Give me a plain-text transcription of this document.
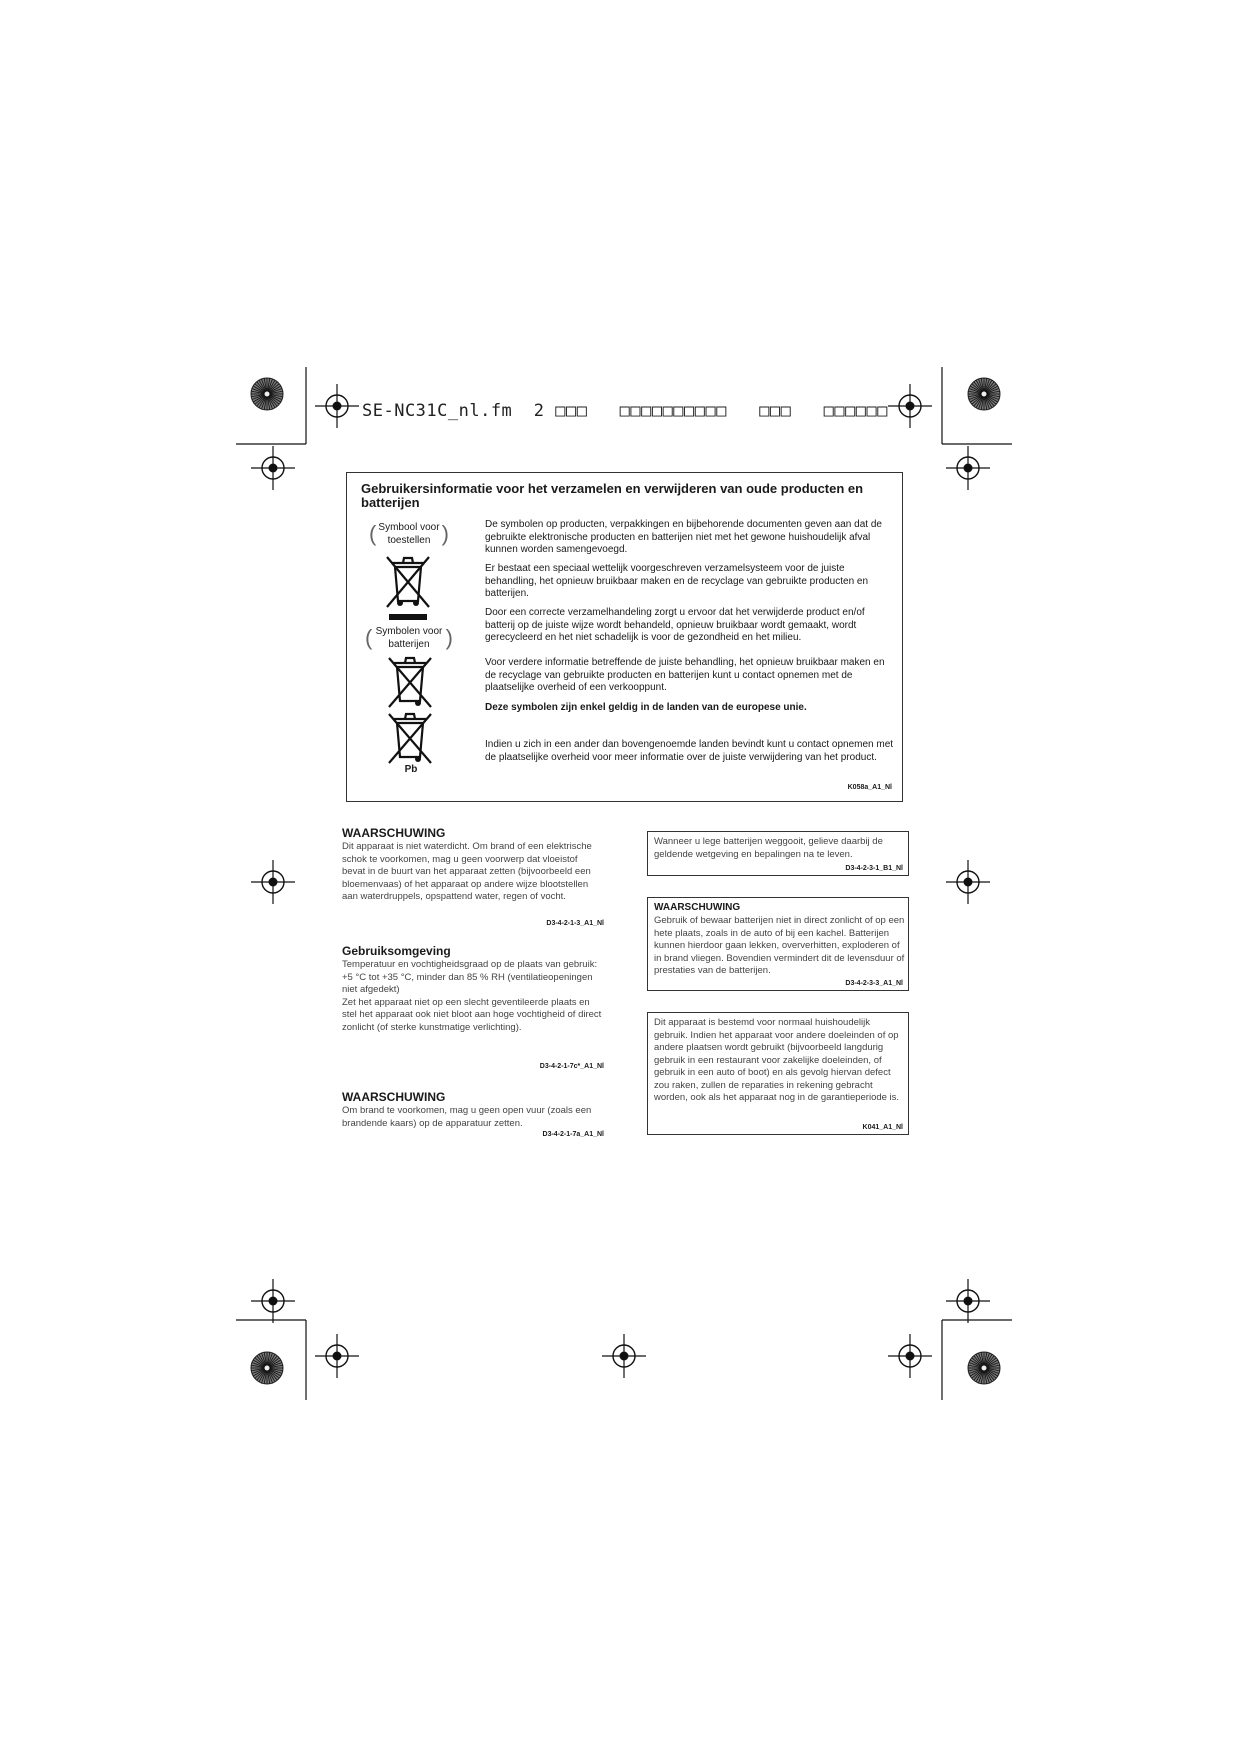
SE-NC31C_nl.fm  2 □□□   □□□□□□□□□□   □□□   □□□□□□
Gebruikersinformatie voor het verzamelen en verwijderen van oude producten en batterijen
( Symbool voor toestellen )
( Symbolen voor batterijen )
Pb
De symbolen op producten, verpakkingen en bijbehorende documenten geven aan dat de gebruikte elektronische producten en batterijen niet met het gewone huishoudelijk afval kunnen worden samengevoegd.
Er bestaat een speciaal wettelijk voorgeschreven verzamelsysteem voor de juiste behandling, het opnieuw bruikbaar maken en de recyclage van gebruikte producten en batterijen.
Door een correcte verzamelhandeling zorgt u ervoor dat het verwijderde product en/of batterij op de juiste wijze wordt behandeld, opnieuw bruikbaar wordt gemaakt, wordt gerecycleerd en het niet schadelijk is voor de gezondheid en het milieu.
Voor verdere informatie betreffende de juiste behandling, het opnieuw bruikbaar maken en de recyclage van gebruikte producten en batterijen kunt u contact opnemen met de plaatselijke overheid of een verkooppunt.
Deze symbolen zijn enkel geldig in de landen van de europese unie.
Indien u zich in een ander dan bovengenoemde landen bevindt kunt u contact opnemen met de plaatselijke overheid voor meer informatie over de juiste verwijdering van het product.
K058a_A1_Nl
WAARSCHUWING
Dit apparaat is niet waterdicht. Om brand of een elektrische schok te voorkomen, mag u geen voorwerp dat vloeistof bevat in de buurt van het apparaat zetten (bijvoorbeeld een bloemenvaas) of het apparaat op andere wijze blootstellen aan waterdruppels, opspattend water, regen of vocht.
D3-4-2-1-3_A1_Nl
Gebruiksomgeving
Temperatuur en vochtigheidsgraad op de plaats van gebruik:
+5 °C tot +35 °C, minder dan 85 % RH (ventilatieopeningen niet afgedekt)
Zet het apparaat niet op een slecht geventileerde plaats en stel het apparaat ook niet bloot aan hoge vochtigheid of direct zonlicht (of sterke kunstmatige verlichting).
D3-4-2-1-7c*_A1_Nl
WAARSCHUWING
Om brand te voorkomen, mag u geen open vuur (zoals een brandende kaars) op de apparatuur zetten.
D3-4-2-1-7a_A1_Nl
Wanneer u lege batterijen weggooit, gelieve daarbij de geldende wetgeving en bepalingen na te leven.
D3-4-2-3-1_B1_Nl
WAARSCHUWING
Gebruik of bewaar batterijen niet in direct zonlicht of op een hete plaats, zoals in de auto of bij een kachel. Batterijen kunnen hierdoor gaan lekken, oververhitten, exploderen of in brand vliegen. Bovendien vermindert dit de levensduur of prestaties van de batterijen.
D3-4-2-3-3_A1_Nl
Dit apparaat is bestemd voor normaal huishoudelijk gebruik. Indien het apparaat voor andere doeleinden of op andere plaatsen wordt gebruikt (bijvoorbeeld langdurig gebruik in een restaurant voor zakelijke doeleinden, of gebruik in een auto of boot) en als gevolg hiervan defect zou raken, zullen de reparaties in rekening gebracht worden, ook als het apparaat nog in de garantieperiode is.
K041_A1_Nl
